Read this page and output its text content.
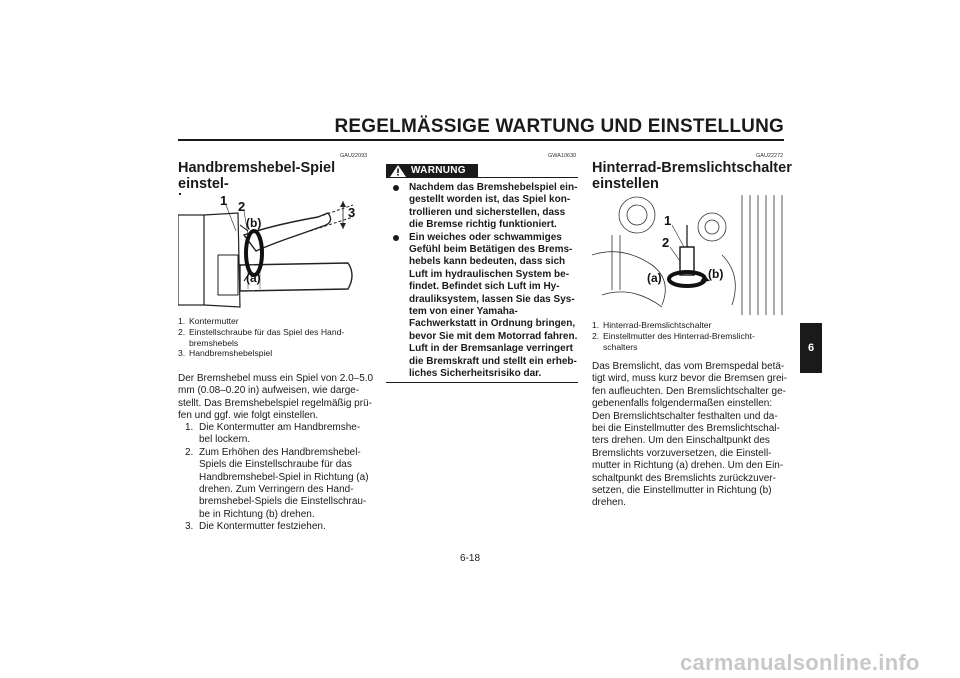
REGELMÄSSIGE WARTUNG UND EINSTELLUNG
GAU22093
Handbremshebel-Spiel einstel-
1 2	3
(b)
(a)
1. Kontermutter
2. Einstellschraube für das Spiel des Hand-bremshebels
3. Handbremshebelspiel
Der Bremshebel muss ein Spiel von 2.0–5.0
mm (0.08–0.20 in) aufweisen, wie darge-
stellt. Das Bremshebelspiel regelmäßig prü-
fen und ggf. wie folgt einstellen.
1. Die Kontermutter am Handbremshe-
bel lockern.
2. Zum Erhöhen des Handbremshebel-
Spiels die Einstellschraube für das
Handbremshebel-Spiel in Richtung (a)
drehen. Zum Verringern des Hand-
bremshebel-Spiels die Einstellschrau-
be in Richtung (b) drehen.
3. Die Kontermutter festziehen.
GWA10630
WARNUNG
Nachdem das Bremshebelspiel ein-
gestellt worden ist, das Spiel kon-
trollieren und sicherstellen, dass
die Bremse richtig funktioniert.
Ein weiches oder schwammiges
Gefühl beim Betätigen des Brems-
hebels kann bedeuten, dass sich
Luft im hydraulischen System be-
findet. Befindet sich Luft im Hy-
drauliksystem, lassen Sie das Sys-
tem von einer Yamaha-
Fachwerkstatt in Ordnung bringen,
bevor Sie mit dem Motorrad fahren.
Luft in der Bremsanlage verringert
die Bremskraft und stellt ein erheb-
liches Sicherheitsrisiko dar.
GAU22272
Hinterrad-Bremslichtschalter
einstellen
1
2
(a)	(b)
1. Hinterrad-Bremslichtschalter
2. Einstellmutter des Hinterrad-Bremslicht-schalters
Das Bremslicht, das vom Bremspedal betä-
tigt wird, muss kurz bevor die Bremsen grei-
fen aufleuchten. Den Bremslichtschalter ge-
gebenenfalls folgendermaßen einstellen:
Den Bremslichtschalter festhalten und da-
bei die Einstellmutter des Bremslichtschal-
ters drehen. Um den Einschaltpunkt des
Bremslichts vorzuversetzen, die Einstell-
mutter in Richtung (a) drehen. Um den Ein-
schaltpunkt des Bremslichts zurückzuver-
setzen, die Einstellmutter in Richtung (b)
drehen.
6
6-18
carmanualsonline.info
